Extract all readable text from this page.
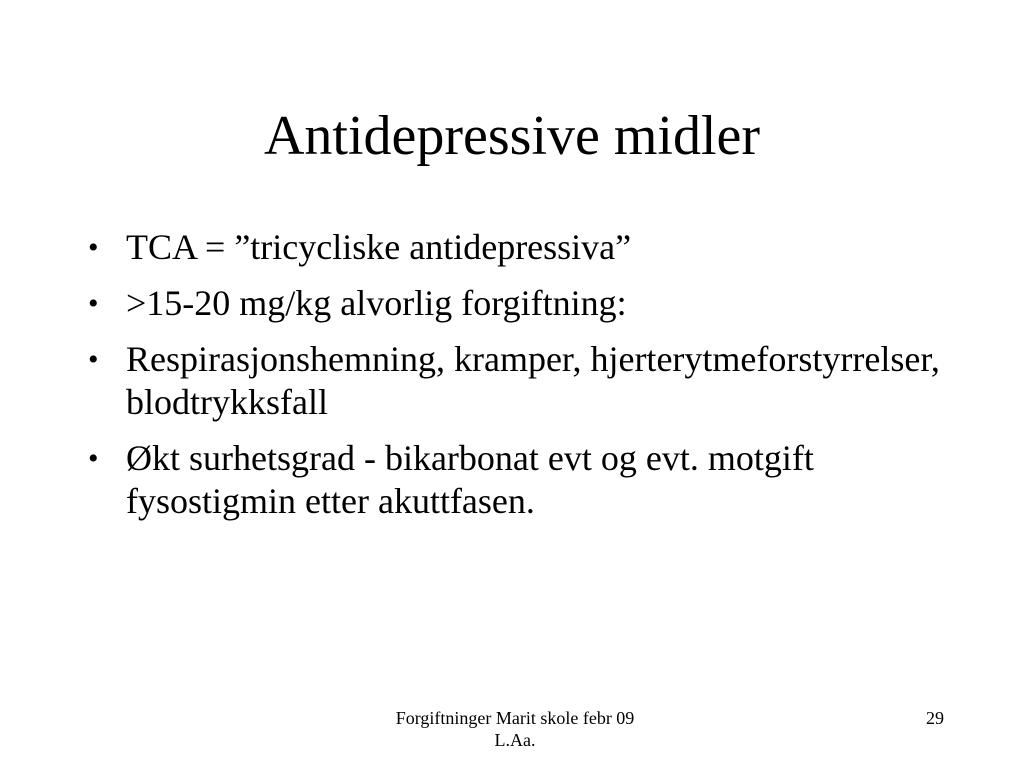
Antidepressive midler
• TCA = ”tricycliske antidepressiva”
• >15-20 mg/kg alvorlig forgiftning:
• Respirasjonshemning, kramper, hjerterytmeforstyrrelser, blodtrykksfall
• Økt surhetsgrad - bikarbonat evt og evt. motgift fysostigmin etter akuttfasen.
Forgiftninger Marit skole febr 09
L.Aa.
29
